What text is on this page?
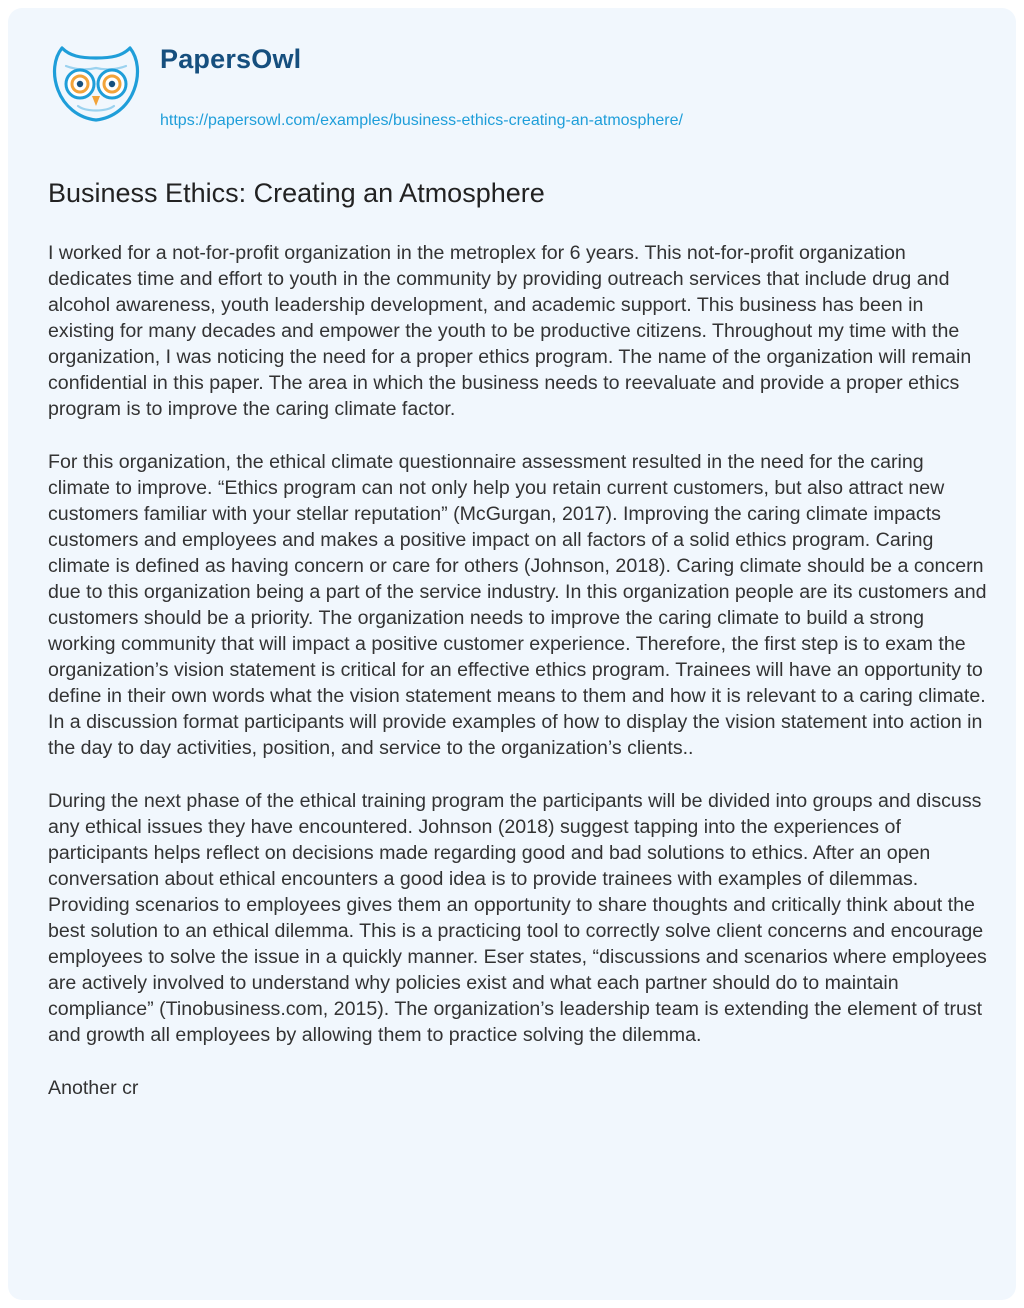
PapersOwl
https://papersowl.com/examples/business-ethics-creating-an-atmosphere/
Business Ethics: Creating an Atmosphere

I worked for a not-for-profit organization in the metroplex for 6 years. This not-for-profit organization dedicates time and effort to youth in the community by providing outreach services that include drug and alcohol awareness, youth leadership development, and academic support. This business has been in existing for many decades and empower the youth to be productive citizens. Throughout my time with the organization, I was noticing the need for a proper ethics program. The name of the organization will remain confidential in this paper. The area in which the business needs to reevaluate and provide a proper ethics program is to improve the caring climate factor.

For this organization, the ethical climate questionnaire assessment resulted in the need for the caring climate to improve. “Ethics program can not only help you retain current customers, but also attract new customers familiar with your stellar reputation” (McGurgan, 2017). Improving the caring climate impacts customers and employees and makes a positive impact on all factors of a solid ethics program. Caring climate is defined as having concern or care for others (Johnson, 2018). Caring climate should be a concern due to this organization being a part of the service industry. In this organization people are its customers and customers should be a priority. The organization needs to improve the caring climate to build a strong working community that will impact a positive customer experience. Therefore, the first step is to exam the organization’s vision statement is critical for an effective ethics program. Trainees will have an opportunity to define in their own words what the vision statement means to them and how it is relevant to a caring climate. In a discussion format participants will provide examples of how to display the vision statement into action in the day to day activities, position, and service to the organization’s clients..

During the next phase of the ethical training program the participants will be divided into groups and discuss any ethical issues they have encountered. Johnson (2018) suggest tapping into the experiences of participants helps reflect on decisions made regarding good and bad solutions to ethics. After an open conversation about ethical encounters a good idea is to provide trainees with examples of dilemmas. Providing scenarios to employees gives them an opportunity to share thoughts and critically think about the best solution to an ethical dilemma. This is a practicing tool to correctly solve client concerns and encourage employees to solve the issue in a quickly manner. Eser states, “discussions and scenarios where employees are actively involved to understand why policies exist and what each partner should do to maintain compliance” (Tinobusiness.com, 2015). The organization’s leadership team is extending the element of trust and growth all employees by allowing them to practice solving the dilemma.

Another cr
